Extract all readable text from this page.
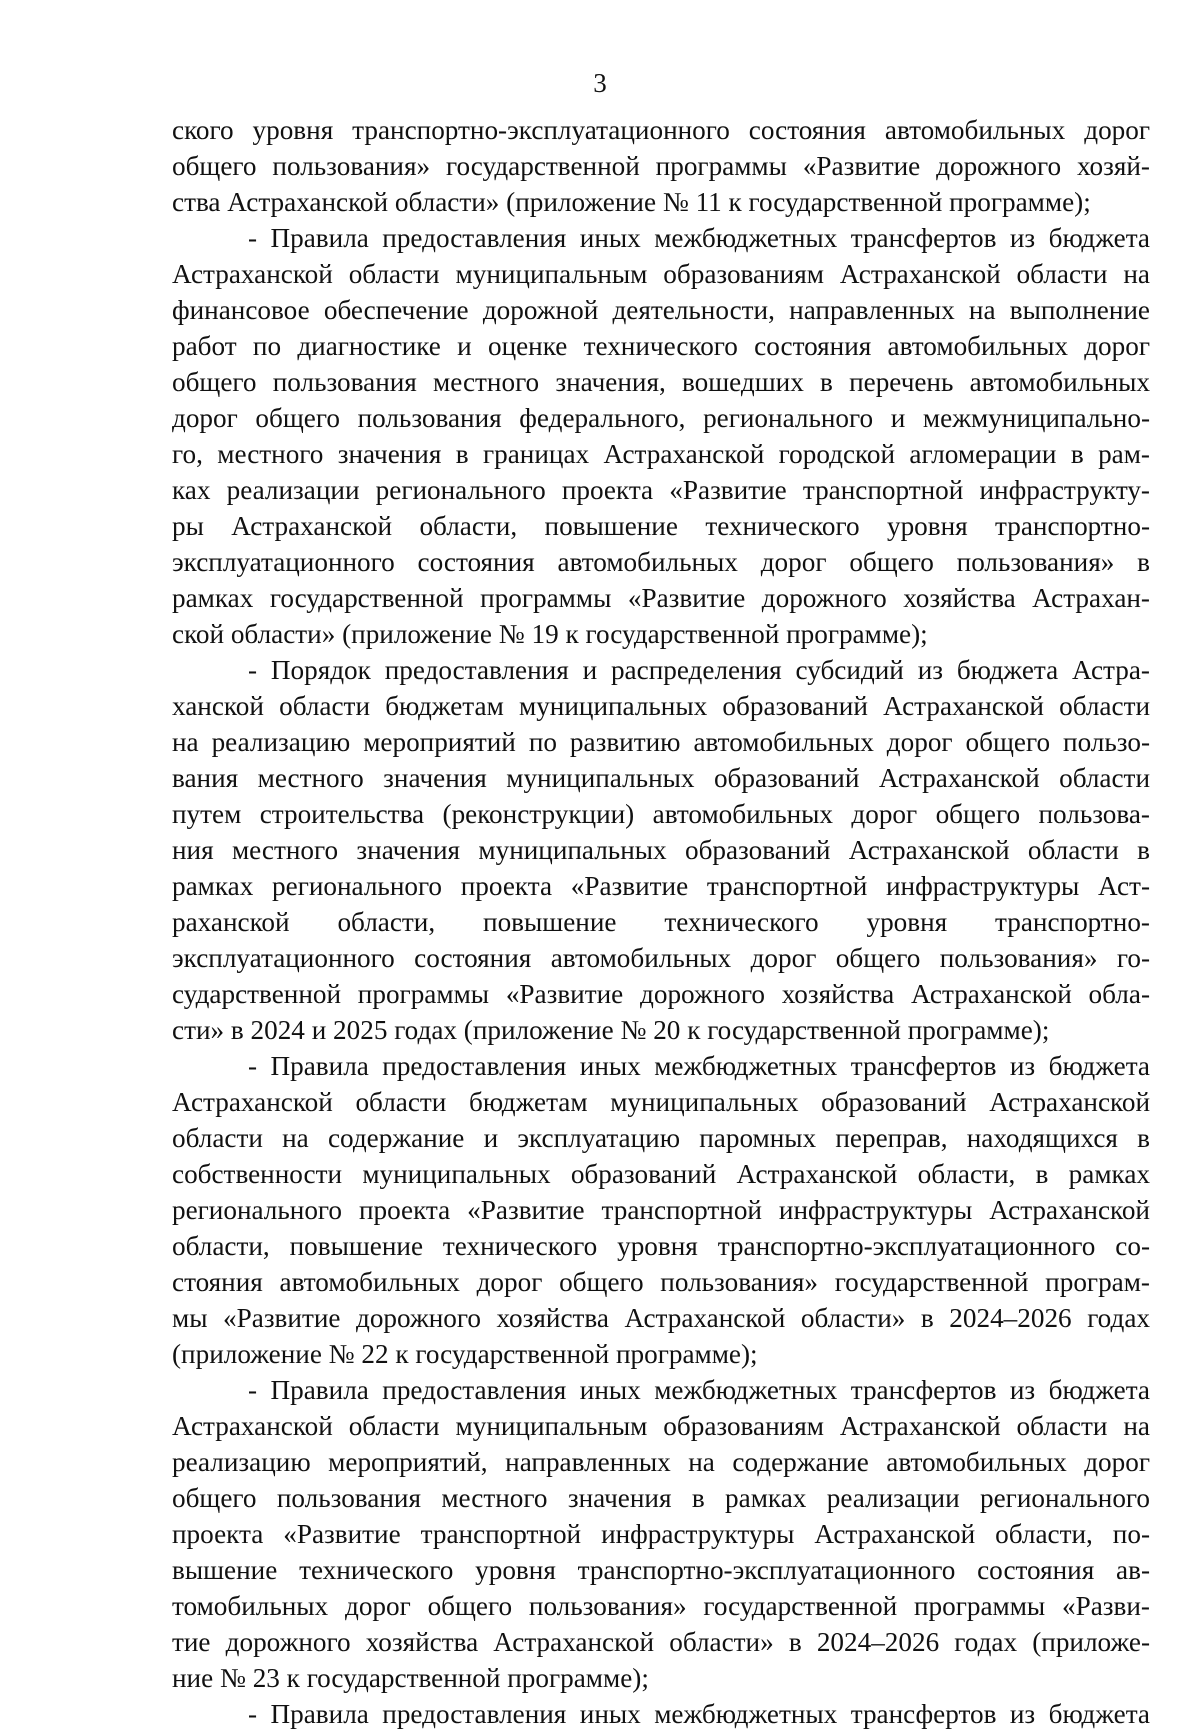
3
ского уровня транспортно-эксплуатационного состояния автомобильных дорог
общего пользования» государственной программы «Развитие дорожного хозяй-
ства Астраханской области» (приложение № 11 к государственной программе);
- Правила предоставления иных межбюджетных трансфертов из бюджета
Астраханской области муниципальным образованиям Астраханской области на
финансовое обеспечение дорожной деятельности, направленных на выполнение
работ по диагностике и оценке технического состояния автомобильных дорог
общего пользования местного значения, вошедших в перечень автомобильных
дорог общего пользования федерального, регионального и межмуниципально-
го, местного значения в границах Астраханской городской агломерации в рам-
ках реализации регионального проекта «Развитие транспортной инфраструкту-
ры Астраханской области, повышение технического уровня транспортно-
эксплуатационного состояния автомобильных дорог общего пользования» в
рамках государственной программы «Развитие дорожного хозяйства Астрахан-
ской области» (приложение № 19 к государственной программе);
- Порядок предоставления и распределения субсидий из бюджета Астра-
ханской области бюджетам муниципальных образований Астраханской области
на реализацию мероприятий по развитию автомобильных дорог общего пользо-
вания местного значения муниципальных образований Астраханской области
путем строительства (реконструкции) автомобильных дорог общего пользова-
ния местного значения муниципальных образований Астраханской области в
рамках регионального проекта «Развитие транспортной инфраструктуры Аст-
раханской области, повышение технического уровня транспортно-
эксплуатационного состояния автомобильных дорог общего пользования» го-
сударственной программы «Развитие дорожного хозяйства Астраханской обла-
сти» в 2024 и 2025 годах (приложение № 20 к государственной программе);
- Правила предоставления иных межбюджетных трансфертов из бюджета
Астраханской области бюджетам муниципальных образований Астраханской
области на содержание и эксплуатацию паромных переправ, находящихся в
собственности муниципальных образований Астраханской области, в рамках
регионального проекта «Развитие транспортной инфраструктуры Астраханской
области, повышение технического уровня транспортно-эксплуатационного со-
стояния автомобильных дорог общего пользования» государственной програм-
мы «Развитие дорожного хозяйства Астраханской области» в 2024–2026 годах
(приложение № 22 к государственной программе);
- Правила предоставления иных межбюджетных трансфертов из бюджета
Астраханской области муниципальным образованиям Астраханской области на
реализацию мероприятий, направленных на содержание автомобильных дорог
общего пользования местного значения в рамках реализации регионального
проекта «Развитие транспортной инфраструктуры Астраханской области, по-
вышение технического уровня транспортно-эксплуатационного состояния ав-
томобильных дорог общего пользования» государственной программы «Разви-
тие дорожного хозяйства Астраханской области» в 2024–2026 годах (приложе-
ние № 23 к государственной программе);
- Правила предоставления иных межбюджетных трансфертов из бюджета
